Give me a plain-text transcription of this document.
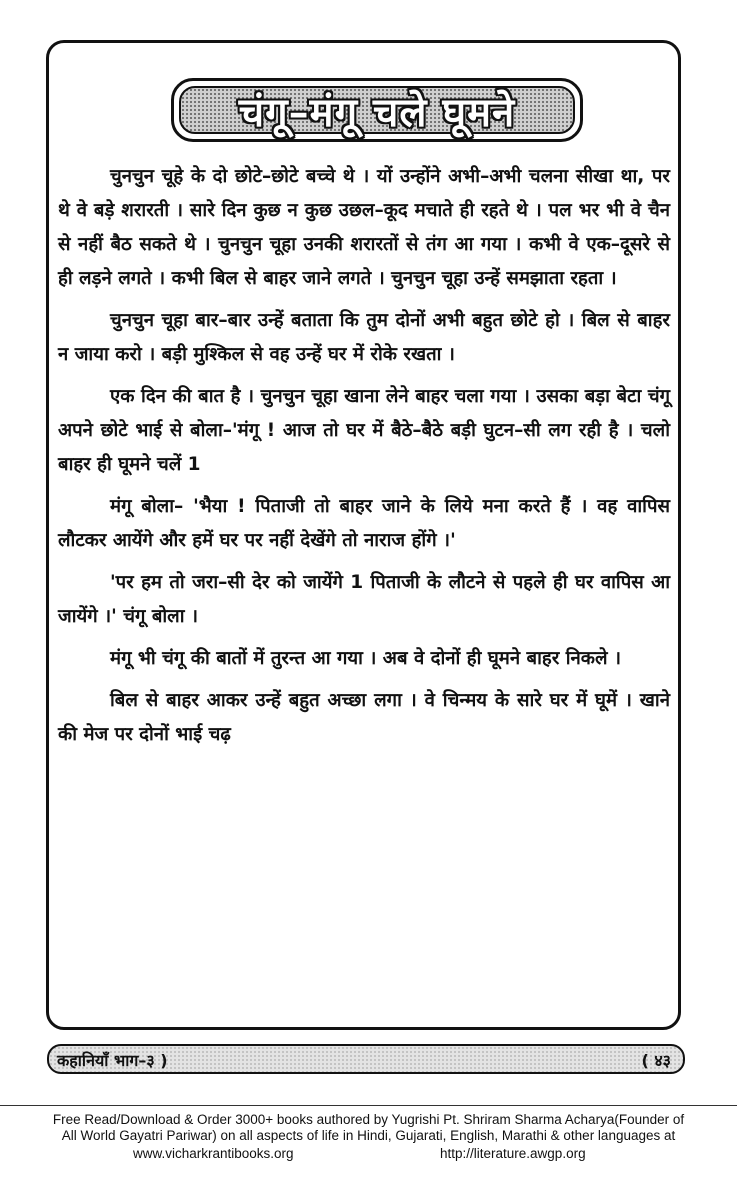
चंगू–मंगू चले घूमने

चुनचुन चूहे के दो छोटे–छोटे बच्चे थे । यों उन्होंने अभी–अभी चलना सीखा था, पर थे वे बड़े शरारती । सारे दिन कुछ न कुछ उछल–कूद मचाते ही रहते थे । पल भर भी वे चैन से नहीं बैठ सकते थे । चुनचुन चूहा उनकी शरारतों से तंग आ गया । कभी वे एक–दूसरे से ही लड़ने लगते । कभी बिल से बाहर जाने लगते । चुनचुन चूहा उन्हें समझाता रहता ।

चुनचुन चूहा बार–बार उन्हें बताता कि तुम दोनों अभी बहुत छोटे हो । बिल से बाहर न जाया करो । बड़ी मुश्किल से वह उन्हें घर में रोके रखता ।

एक दिन की बात है । चुनचुन चूहा खाना लेने बाहर चला गया । उसका बड़ा बेटा चंगू अपने छोटे भाई से बोला–'मंगू ! आज तो घर में बैठे–बैठे बड़ी घुटन–सी लग रही है । चलो बाहर ही घूमने चलें 1

मंगू बोला– 'भैया ! पिताजी तो बाहर जाने के लिये मना करते हैं । वह वापिस लौटकर आयेंगे और हमें घर पर नहीं देखेंगे तो नाराज होंगे ।'

'पर हम तो जरा–सी देर को जायेंगे 1 पिताजी के लौटने से पहले ही घर वापिस आ जायेंगे ।' चंगू बोला ।

मंगू भी चंगू की बातों में तुरन्त आ गया । अब वे दोनों ही घूमने बाहर निकले ।

बिल से बाहर आकर उन्हें बहुत अच्छा लगा । वे चिन्मय के सारे घर में घूमें । खाने की मेज पर दोनों भाई चढ़

कहानियाँ भाग–३ )	( ४३
Free Read/Download & Order 3000+ books authored by Yugrishi Pt. Shriram Sharma Acharya(Founder of
All World Gayatri Pariwar) on all aspects of life in Hindi, Gujarati, English, Marathi & other languages at
www.vicharkrantibooks.org	http://literature.awgp.org
